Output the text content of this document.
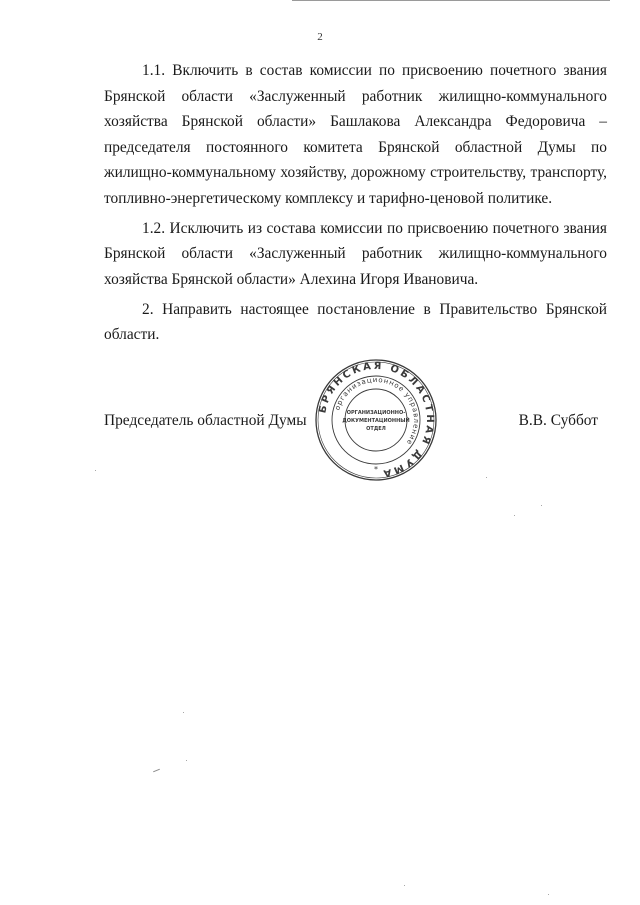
2

1.1. Включить в состав комиссии по присвоению почетного звания Брянской области «Заслуженный работник жилищно-коммунального хозяйства Брянской области» Башлакова Александра Федоровича – председателя постоянного комитета Брянской областной Думы по жилищно-коммунальному хозяйству, дорожному строительству, транспорту, топливно-энергетическому комплексу и тарифно-ценовой политике.

1.2. Исключить из состава комиссии по присвоению почетного звания Брянской области «Заслуженный работник жилищно-коммунального хозяйства Брянской области» Алехина Игоря Ивановича.

2. Направить настоящее постановление в Правительство Брянской области.

Председатель областной Думы	В.В. Суббот
БРЯНСКАЯ ОБЛАСТНАЯ ДУМА
организационное управление
ОРГАНИЗАЦИОННО-
ДОКУМЕНТАЦИОННЫЙ
ОТДЕЛ
*
